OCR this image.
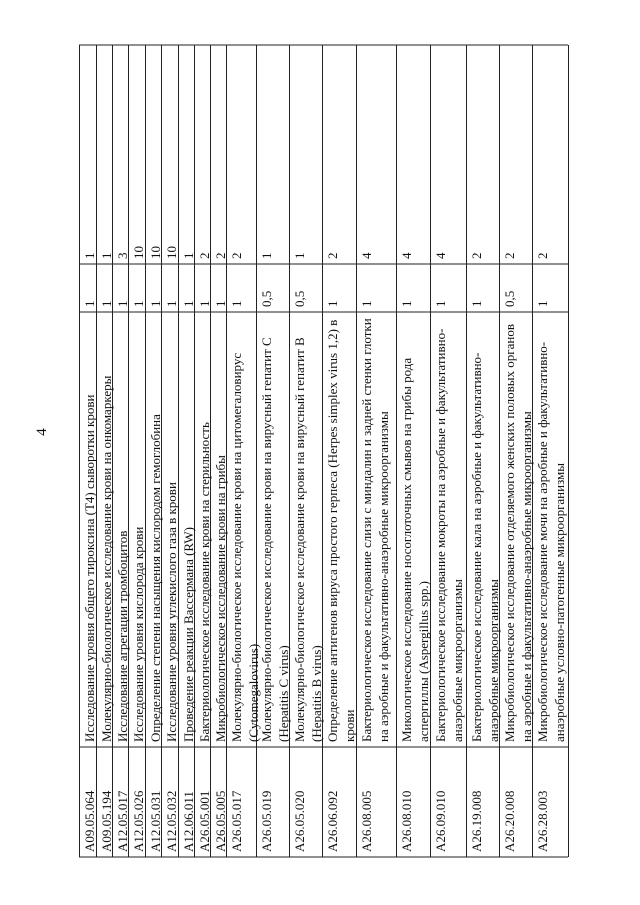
4
A09.05.064
Исследование уровня общего тироксина (Т4) сыворотки крови
1
1
A09.05.194
Молекулярно-биологическое исследование крови на онкомаркеры
1
1
A12.05.017
Исследование агрегации тромбоцитов
1
3
A12.05.026
Исследование уровня кислорода крови
1
10
A12.05.031
Определение степени насыщения кислородом гемоглобина
1
10
A12.05.032
Исследование уровня углекислого газа в крови
1
10
A12.06.011
Проведение реакции Вассермана (RW)
1
1
A26.05.001
Бактериологическое исследование крови на стерильность
1
2
A26.05.005
Микробиологическое исследование крови на грибы
1
2
A26.05.017
Молекулярно-биологическое исследование крови на цитомегаловирус (Cytomegalovirus)
1
2
A26.05.019
Молекулярно-биологическое исследование крови на вирусный гепатит С (Hepatitis C virus)
0,5
1
A26.05.020
Молекулярно-биологическое исследование крови на вирусный гепатит В (Hepatitis B virus)
0,5
1
A26.06.092
Определение антигенов вируса простого герпеса (Herpes simplex virus 1,2) в крови
1
2
A26.08.005
Бактериологическое исследование слизи с миндалин и задней стенки глотки на аэробные и факультативно-анаэробные микроорганизмы
1
4
A26.08.010
Микологическое исследование носоглоточных смывов на грибы рода аспергиллы (Aspergillus spp.)
1
4
A26.09.010
Бактериологическое исследование мокроты на аэробные и факультативно-анаэробные микроорганизмы
1
4
A26.19.008
Бактериологическое исследование кала на аэробные и факультативно-анаэробные микроорганизмы
1
2
A26.20.008
Микробиологическое исследование отделяемого женских половых органов на аэробные и факультативно-анаэробные микроорганизмы
0,5
2
A26.28.003
Микробиологическое исследование мочи на аэробные и факультативно-анаэробные условно-патогенные микроорганизмы
1
2
